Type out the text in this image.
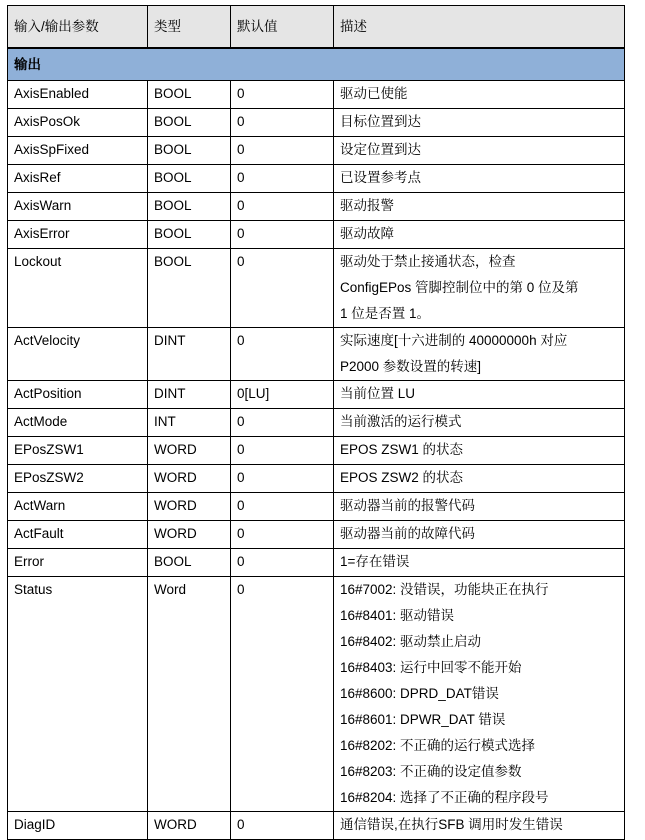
输入/输出参数	类型	默认值	描述
输出			
AxisEnabled	BOOL	0	驱动已使能

AxisPosOk	BOOL	0	目标位置到达

AxisSpFixed	BOOL	0	设定位置到达

AxisRef	BOOL	0	已设置参考点

AxisWarn	BOOL	0	驱动报警

AxisError	BOOL	0	驱动故障

Lockout	BOOL	0	驱动处于禁止接通状态，检查
ConfigEPos 管脚控制位中的第 0 位及第
1 位是否置 1。

ActVelocity	DINT	0	实际速度[十六进制的 40000000h 对应
P2000 参数设置的转速]

ActPosition	DINT	0[LU]	当前位置 LU

ActMode	INT	0	当前激活的运行模式

EPosZSW1	WORD	0	EPOS ZSW1 的状态

EPosZSW2	WORD	0	EPOS ZSW2 的状态

ActWarn	WORD	0	驱动器当前的报警代码

ActFault	WORD	0	驱动器当前的故障代码

Error	BOOL	0	1=存在错误

Status	Word	0	16#7002: 没错误，功能块正在执行
16#8401: 驱动错误
16#8402: 驱动禁止启动
16#8403: 运行中回零不能开始
16#8600: DPRD_DAT错误
16#8601: DPWR_DAT 错误
16#8202: 不正确的运行模式选择
16#8203: 不正确的设定值参数
16#8204: 选择了不正确的程序段号

DiagID	WORD	0	通信错误,在执行SFB 调用时发生错误
